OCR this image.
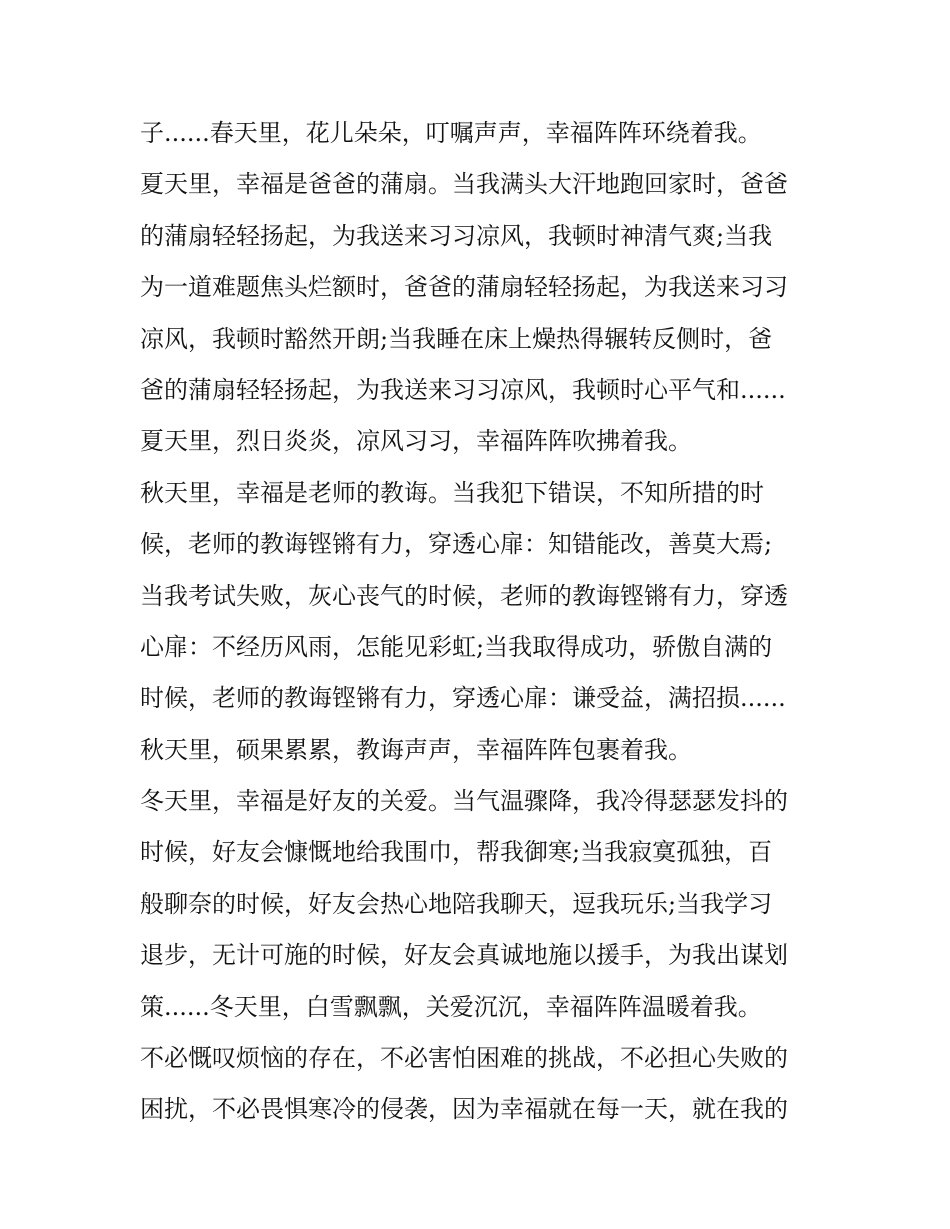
子......春天里，花儿朵朵，叮嘱声声，幸福阵阵环绕着我。
夏天里，幸福是爸爸的蒲扇。当我满头大汗地跑回家时，爸爸
的蒲扇轻轻扬起，为我送来习习凉风，我顿时神清气爽;当我
为一道难题焦头烂额时，爸爸的蒲扇轻轻扬起，为我送来习习
凉风，我顿时豁然开朗;当我睡在床上燥热得辗转反侧时，爸
爸的蒲扇轻轻扬起，为我送来习习凉风，我顿时心平气和......
夏天里，烈日炎炎，凉风习习，幸福阵阵吹拂着我。
秋天里，幸福是老师的教诲。当我犯下错误，不知所措的时
候，老师的教诲铿锵有力，穿透心扉：知错能改，善莫大焉;
当我考试失败，灰心丧气的时候，老师的教诲铿锵有力，穿透
心扉：不经历风雨，怎能见彩虹;当我取得成功，骄傲自满的
时候，老师的教诲铿锵有力，穿透心扉：谦受益，满招损......
秋天里，硕果累累，教诲声声，幸福阵阵包裹着我。
冬天里，幸福是好友的关爱。当气温骤降，我冷得瑟瑟发抖的
时候，好友会慷慨地给我围巾，帮我御寒;当我寂寞孤独，百
般聊奈的时候，好友会热心地陪我聊天，逗我玩乐;当我学习
退步，无计可施的时候，好友会真诚地施以援手，为我出谋划
策......冬天里，白雪飘飘，关爱沉沉，幸福阵阵温暖着我。
不必慨叹烦恼的存在，不必害怕困难的挑战，不必担心失败的
困扰，不必畏惧寒冷的侵袭，因为幸福就在每一天，就在我的
